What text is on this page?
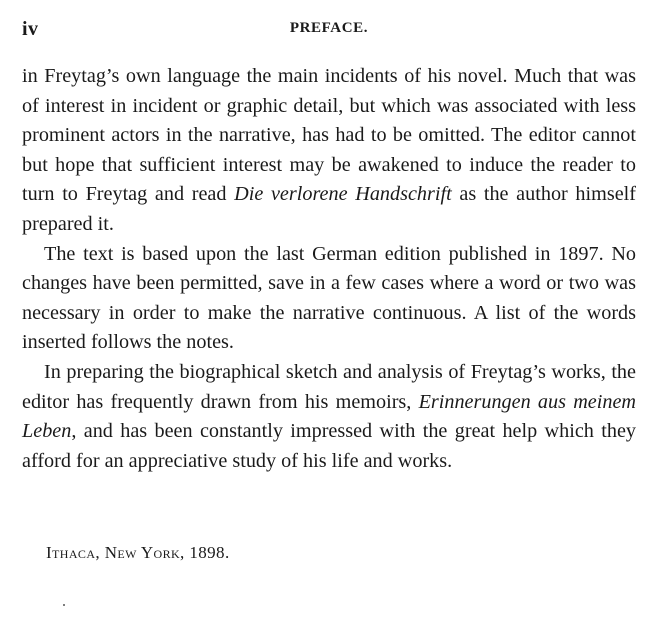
iv	PREFACE.

in Freytag’s own language the main incidents of his novel. Much that was of interest in incident or graphic detail, but which was associated with less prominent actors in the narrative, has had to be omitted. The editor cannot but hope that sufficient interest may be awakened to induce the reader to turn to Freytag and read Die verlorene Handschrift as the author himself prepared it.

The text is based upon the last German edition published in 1897. No changes have been permitted, save in a few cases where a word or two was necessary in order to make the narrative continuous. A list of the words inserted follows the notes.

In preparing the biographical sketch and analysis of Freytag’s works, the editor has frequently drawn from his memoirs, Erinnerungen aus meinem Leben, and has been constantly impressed with the great help which they afford for an appreciative study of his life and works.

Ithaca, New York, 1898.
